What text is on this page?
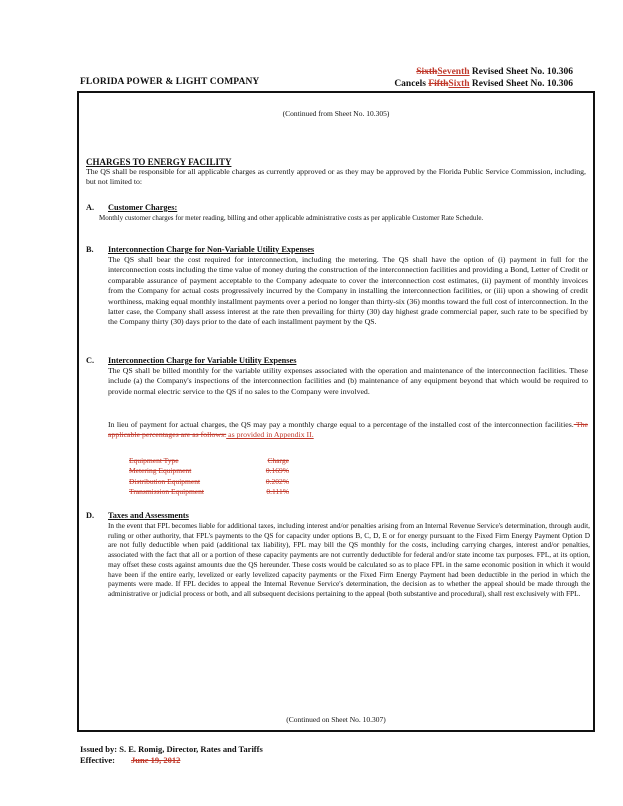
FLORIDA POWER & LIGHT COMPANY
SixthSeventh Revised Sheet No. 10.306
Cancels FifthSixth Revised Sheet No. 10.306
(Continued from Sheet No. 10.305)
CHARGES TO ENERGY FACILITY
The QS shall be responsible for all applicable charges as currently approved or as they may be approved by the Florida Public Service Commission, including, but not limited to:
A. Customer Charges:
Monthly customer charges for meter reading, billing and other applicable administrative costs as per applicable Customer Rate Schedule.
B. Interconnection Charge for Non-Variable Utility Expenses
The QS shall bear the cost required for interconnection, including the metering. The QS shall have the option of (i) payment in full for the interconnection costs including the time value of money during the construction of the interconnection facilities and providing a Bond, Letter of Credit or comparable assurance of payment acceptable to the Company adequate to cover the interconnection cost estimates, (ii) payment of monthly invoices from the Company for actual costs progressively incurred by the Company in installing the interconnection facilities, or (iii) upon a showing of credit worthiness, making equal monthly installment payments over a period no longer than thirty-six (36) months toward the full cost of interconnection. In the latter case, the Company shall assess interest at the rate then prevailing for thirty (30) day highest grade commercial paper, such rate to be specified by the Company thirty (30) days prior to the date of each installment payment by the QS.
C. Interconnection Charge for Variable Utility Expenses
The QS shall be billed monthly for the variable utility expenses associated with the operation and maintenance of the interconnection facilities. These include (a) the Company's inspections of the interconnection facilities and (b) maintenance of any equipment beyond that which would be required to provide normal electric service to the QS if no sales to the Company were involved.
In lieu of payment for actual charges, the QS may pay a monthly charge equal to a percentage of the installed cost of the interconnection facilities. The applicable percentages are as follows: as provided in Appendix II.
Equipment Type	Charge
Metering Equipment	0.169%
Distribution Equipment	0.202%
Transmission Equipment	0.111%
D. Taxes and Assessments
In the event that FPL becomes liable for additional taxes, including interest and/or penalties arising from an Internal Revenue Service's determination, through audit, ruling or other authority, that FPL's payments to the QS for capacity under options B, C, D, E or for energy pursuant to the Fixed Firm Energy Payment Option D are not fully deductible when paid (additional tax liability), FPL may bill the QS monthly for the costs, including carrying charges, interest and/or penalties, associated with the fact that all or a portion of these capacity payments are not currently deductible for federal and/or state income tax purposes. FPL, at its option, may offset these costs against amounts due the QS hereunder. These costs would be calculated so as to place FPL in the same economic position in which it would have been if the entire early, levelized or early levelized capacity payments or the Fixed Firm Energy Payment had been deductible in the period in which the payments were made. If FPL decides to appeal the Internal Revenue Service's determination, the decision as to whether the appeal should be made through the administrative or judicial process or both, and all subsequent decisions pertaining to the appeal (both substantive and procedural), shall rest exclusively with FPL.
(Continued on Sheet No. 10.307)
Issued by: S. E. Romig, Director, Rates and Tariffs
Effective: June 19, 2012
